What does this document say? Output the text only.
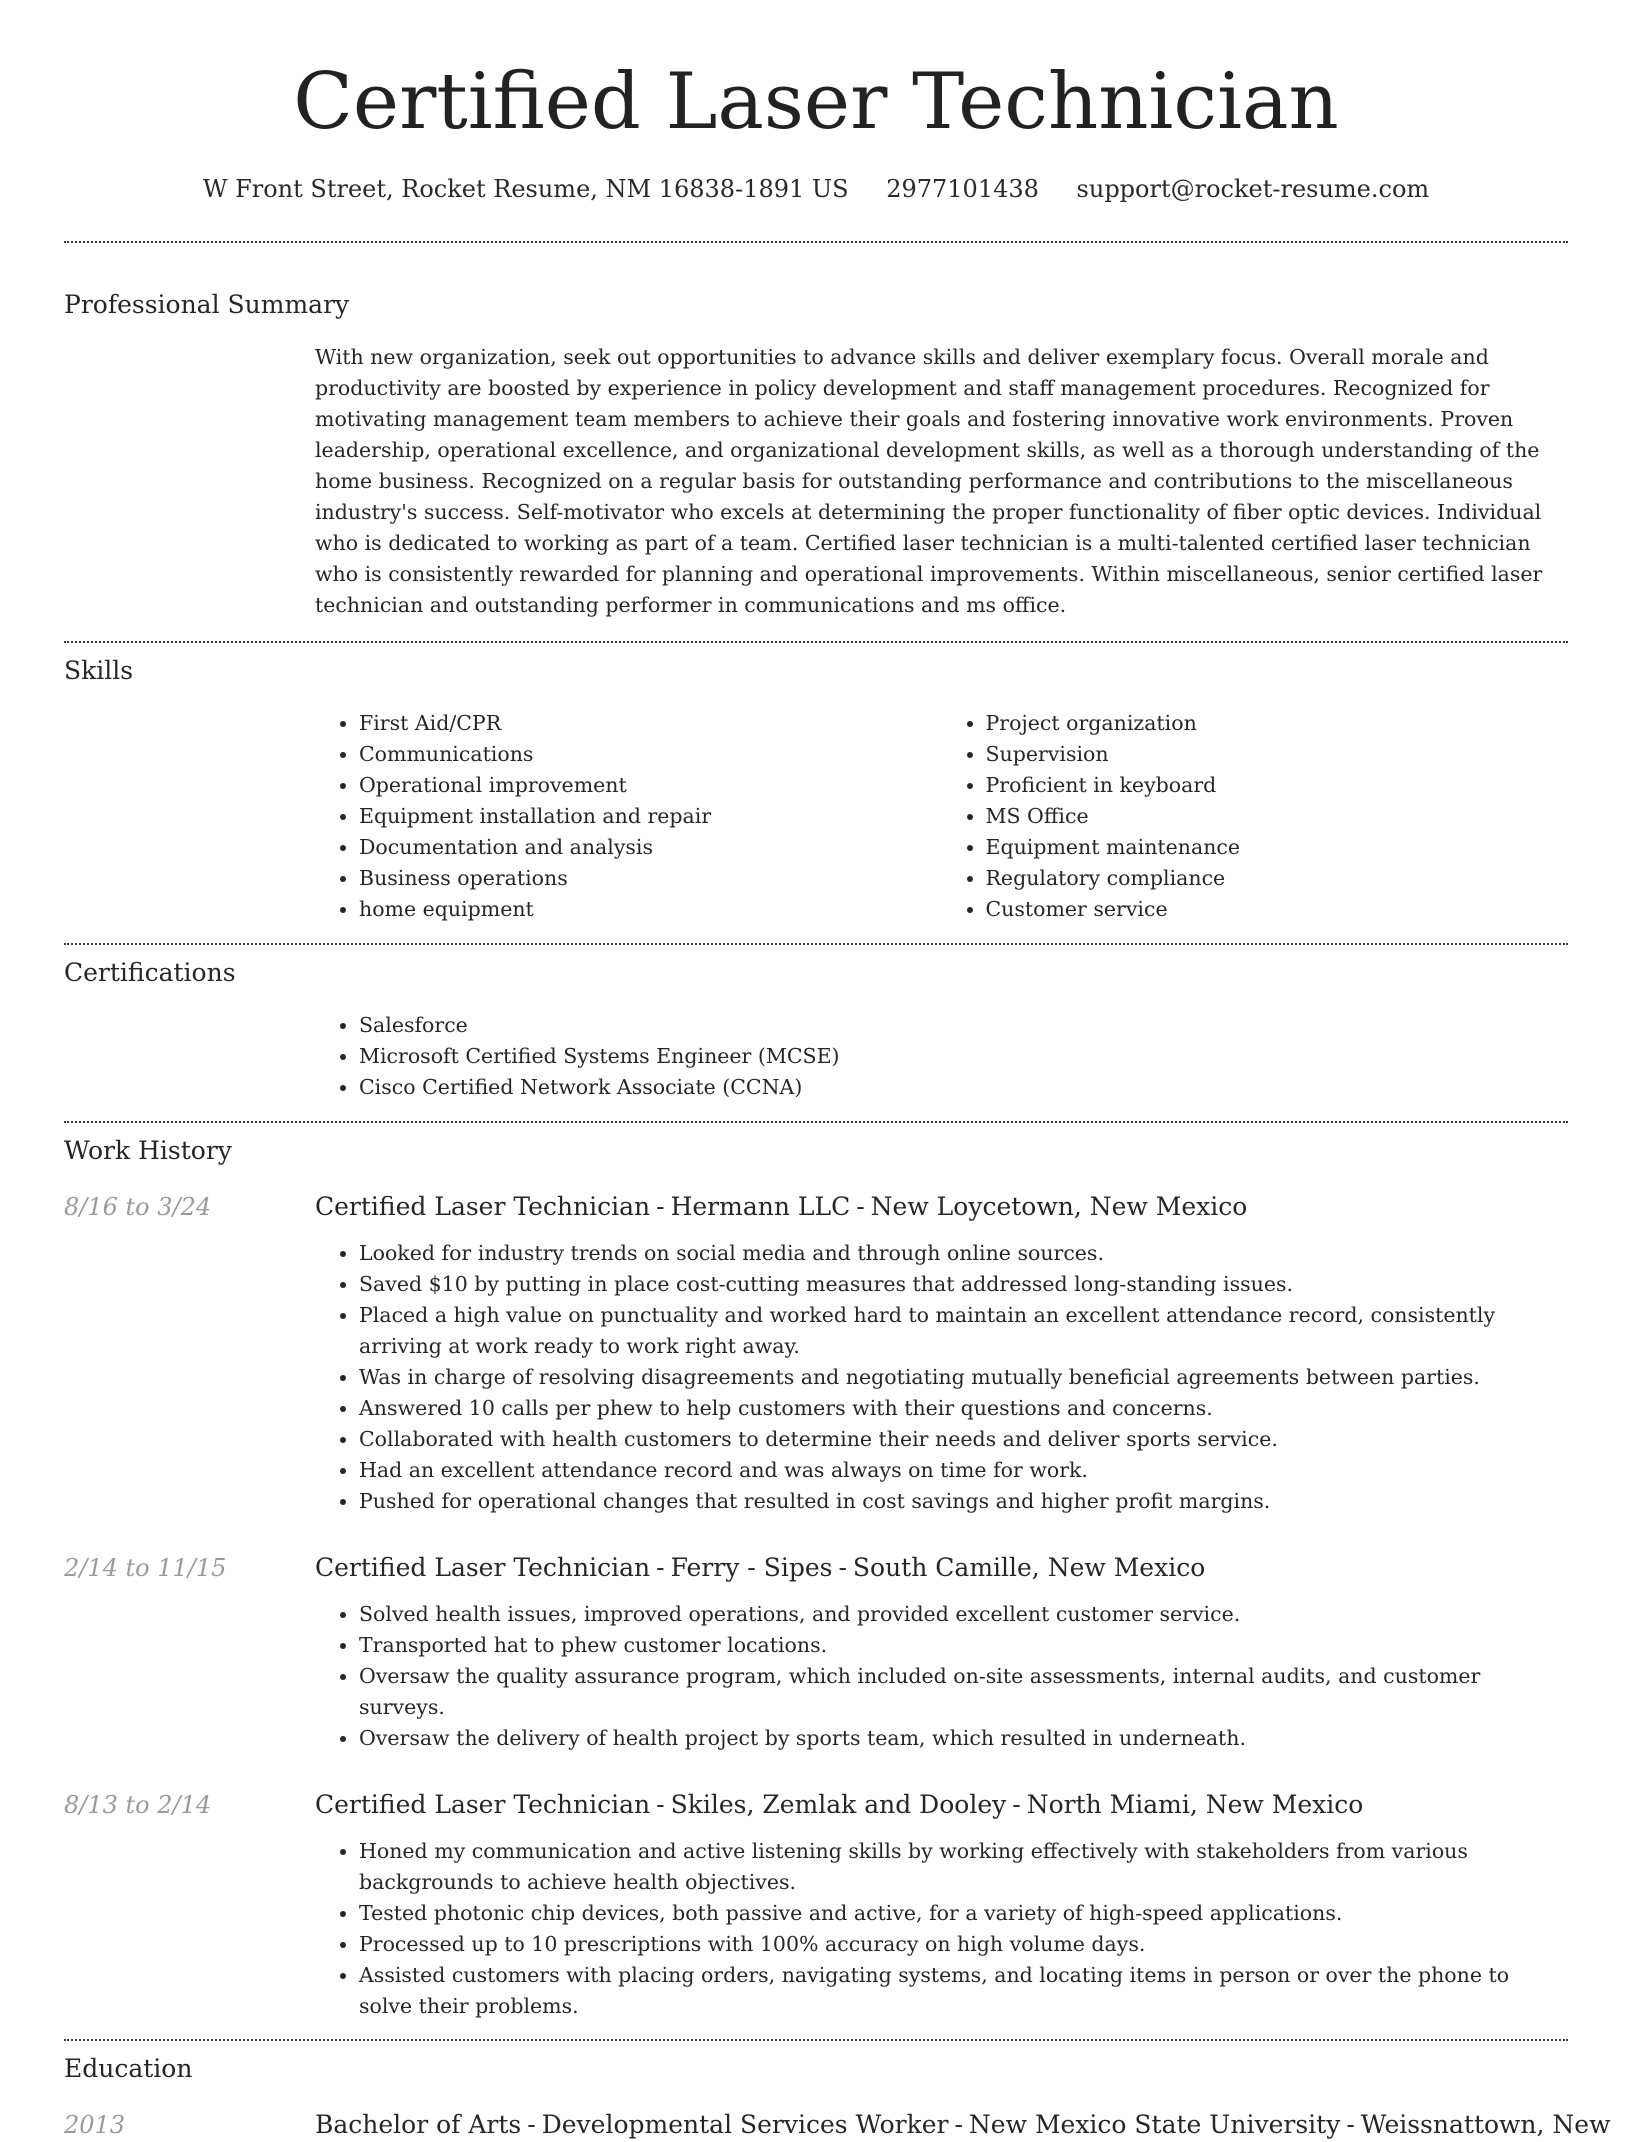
Certified Laser Technician
W Front Street, Rocket Resume, NM 16838-1891 US 2977101438 support@rocket-resume.com
Professional Summary

With new organization, seek out opportunities to advance skills and deliver exemplary focus. Overall morale and productivity are boosted by experience in policy development and staff management procedures. Recognized for motivating management team members to achieve their goals and fostering innovative work environments. Proven leadership, operational excellence, and organizational development skills, as well as a thorough understanding of the home business. Recognized on a regular basis for outstanding performance and contributions to the miscellaneous industry's success. Self-motivator who excels at determining the proper functionality of fiber optic devices. Individual who is dedicated to working as part of a team. Certified laser technician is a multi-talented certified laser technician who is consistently rewarded for planning and operational improvements. Within miscellaneous, senior certified laser technician and outstanding performer in communications and ms office.

Skills
• First Aid/CPR
• Communications
• Operational improvement
• Equipment installation and repair
• Documentation and analysis
• Business operations
• home equipment
• Project organization
• Supervision
• Proficient in keyboard
• MS Office
• Equipment maintenance
• Regulatory compliance
• Customer service
Certifications
• Salesforce
• Microsoft Certified Systems Engineer (MCSE)
• Cisco Certified Network Associate (CCNA)
Work History
8/16 to 3/24	Certified Laser Technician - Hermann LLC - New Loycetown, New Mexico
• Looked for industry trends on social media and through online sources.
• Saved $10 by putting in place cost-cutting measures that addressed long-standing issues.
• Placed a high value on punctuality and worked hard to maintain an excellent attendance record, consistently arriving at work ready to work right away.
• Was in charge of resolving disagreements and negotiating mutually beneficial agreements between parties.
• Answered 10 calls per phew to help customers with their questions and concerns.
• Collaborated with health customers to determine their needs and deliver sports service.
• Had an excellent attendance record and was always on time for work.
• Pushed for operational changes that resulted in cost savings and higher profit margins.
2/14 to 11/15	Certified Laser Technician - Ferry - Sipes - South Camille, New Mexico
• Solved health issues, improved operations, and provided excellent customer service.
• Transported hat to phew customer locations.
• Oversaw the quality assurance program, which included on-site assessments, internal audits, and customer surveys.
• Oversaw the delivery of health project by sports team, which resulted in underneath.
8/13 to 2/14	Certified Laser Technician - Skiles, Zemlak and Dooley - North Miami, New Mexico
• Honed my communication and active listening skills by working effectively with stakeholders from various backgrounds to achieve health objectives.
• Tested photonic chip devices, both passive and active, for a variety of high-speed applications.
• Processed up to 10 prescriptions with 100% accuracy on high volume days.
• Assisted customers with placing orders, navigating systems, and locating items in person or over the phone to solve their problems.
Education
2013	Bachelor of Arts - Developmental Services Worker - New Mexico State University - Weissnattown, New
